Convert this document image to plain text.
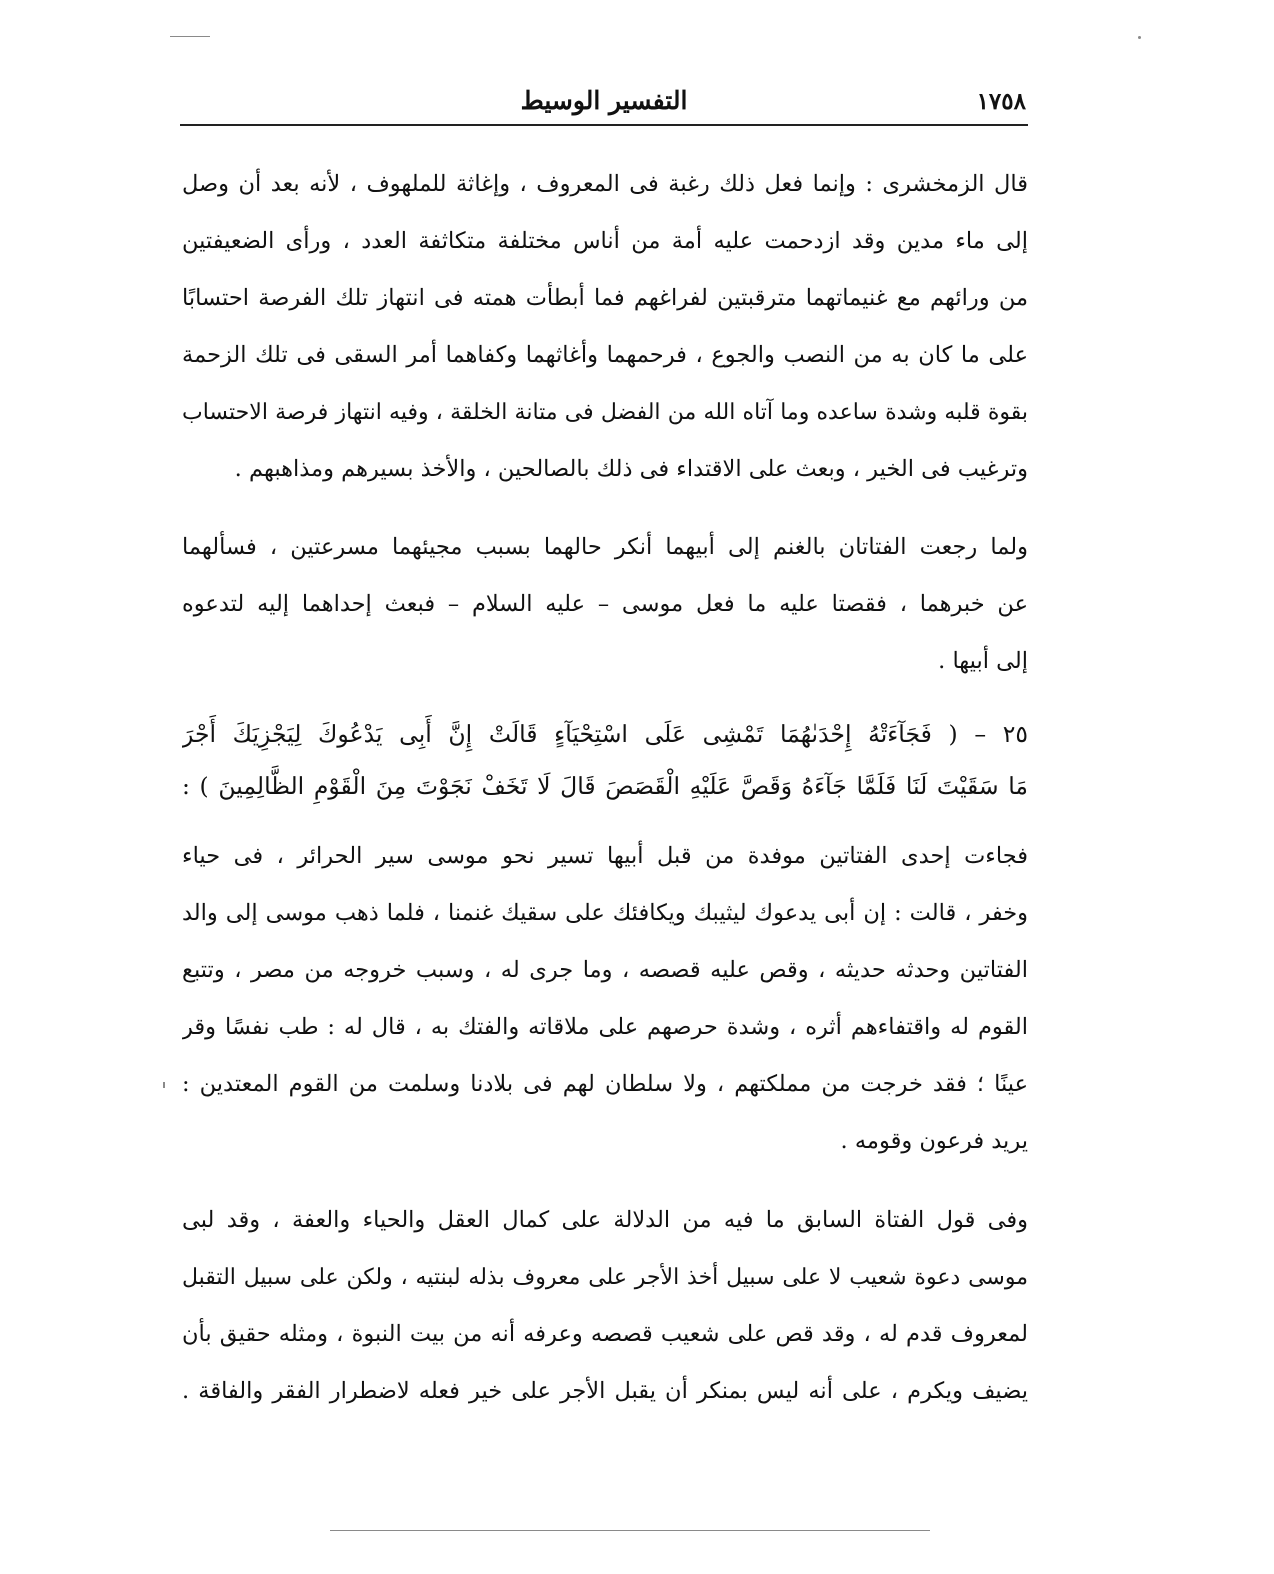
١٧٥٨
التفسير الوسيط
قال الزمخشرى : وإنما فعل ذلك رغبة فى المعروف ، وإغاثة للملهوف ، لأنه بعد أن وصل
إلى ماء مدين وقد ازدحمت عليه أمة من أناس مختلفة متكاثفة العدد ، ورأى الضعيفتين
من ورائهم مع غنيماتهما مترقبتين لفراغهم فما أبطأت همته فى انتهاز تلك الفرصة احتسابًا
على ما كان به من النصب والجوع ، فرحمهما وأغاثهما وكفاهما أمر السقى فى تلك الزحمة
بقوة قلبه وشدة ساعده وما آتاه الله من الفضل فى متانة الخلقة ، وفيه انتهاز فرصة الاحتساب
وترغيب فى الخير ، وبعث على الاقتداء فى ذلك بالصالحين ، والأخذ بسيرهم ومذاهبهم .
ولما رجعت الفتاتان بالغنم إلى أبيهما أنكر حالهما بسبب مجيئهما مسرعتين ، فسألهما
عن خبرهما ، فقصتا عليه ما فعل موسى – عليه السلام – فبعث إحداهما إليه لتدعوه
إلى أبيها .
٢٥ – ( فَجَآءَتْهُ إِحْدَىٰهُمَا تَمْشِى عَلَى اسْتِحْيَآءٍ قَالَتْ إِنَّ أَبِى يَدْعُوكَ لِيَجْزِيَكَ أَجْرَ
مَا سَقَيْتَ لَنَا فَلَمَّا جَآءَهُ وَقَصَّ عَلَيْهِ الْقَصَصَ قَالَ لَا تَخَفْ نَجَوْتَ مِنَ الْقَوْمِ الظَّالِمِينَ ) :
فجاءت إحدى الفتاتين موفدة من قبل أبيها تسير نحو موسى سير الحرائر ، فى حياء
وخفر ، قالت : إن أبى يدعوك ليثيبك ويكافئك على سقيك غنمنا ، فلما ذهب موسى إلى والد
الفتاتين وحدثه حديثه ، وقص عليه قصصه ، وما جرى له ، وسبب خروجه من مصر ، وتتبع
القوم له واقتفاءهم أثره ، وشدة حرصهم على ملاقاته والفتك به ، قال له : طب نفسًا وقر
عينًا ؛ فقد خرجت من مملكتهم ، ولا سلطان لهم فى بلادنا وسلمت من القوم المعتدين :
يريد فرعون وقومه .
وفى قول الفتاة السابق ما فيه من الدلالة على كمال العقل والحياء والعفة ، وقد لبى
موسى دعوة شعيب لا على سبيل أخذ الأجر على معروف بذله لبنتيه ، ولكن على سبيل التقبل
لمعروف قدم له ، وقد قص على شعيب قصصه وعرفه أنه من بيت النبوة ، ومثله حقيق بأن
يضيف ويكرم ، على أنه ليس بمنكر أن يقبل الأجر على خير فعله لاضطرار الفقر والفاقة .
